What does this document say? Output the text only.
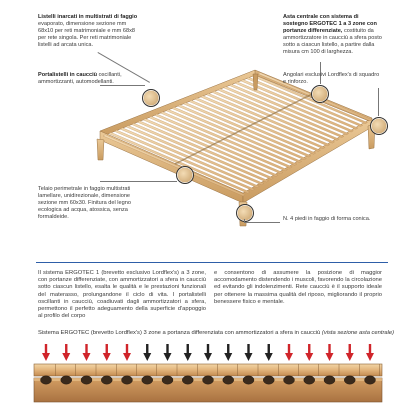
Listelli inarcati in multistrati di faggio evaporato, dimensione sezione mm 68x10 per reti matrimoniale e mm 68x8 per rete singola. Per reti matrimoniale listelli ad arcata unica.
Portalistelli in caucciù oscillanti, ammortizzanti, automodellanti.
Asta centrale con sistema di sostegno ERGOTEC 1 a 3 zone con portanze differenziate, costituito da ammortizzatore in caucciù a sfera posto sotto a ciascun listello, a partire dalla misura cm 100 di larghezza.
Angolari esclusivi Lordflex's di squadro e rinforzo.
Telaio perimetrale in faggio multistrati lamellare, unidirezionale, dimensione sezione mm 60x30. Finitura del legno ecologica ad acqua, atossica, senza formaldeide.	N. 4 piedi in faggio di forma conica.
Il sistema ERGOTEC 1 (brevetto esclusivo Lordflex's) a 3 zone, con portanze differenziate, con ammortizzatori a sfera in caucciù sotto ciascun listello, esalta le qualità e le prestazioni funzionali del materasso, prolungandone il ciclo di vita. I portalistelli oscillanti in caucciù, coadiuvati dagli ammortizzatori a sfera, permettono il perfetto adeguamento della superficie d'appoggio al profilo del corpo
e consentono di assumere la posizione di maggior accomodamento distendendo i muscoli, favorendo la circolazione ed evitando gli indolenzimenti. Rete caucciù è il supporto ideale per ottenere la massima qualità del riposo, migliorando il proprio benessere fisico e mentale.
Sistema ERGOTEC (brevetto Lordflex's) 3 zone a portanza differenziata con ammortizzatori a sfera in caucciù (vista sezione asta centrale)
